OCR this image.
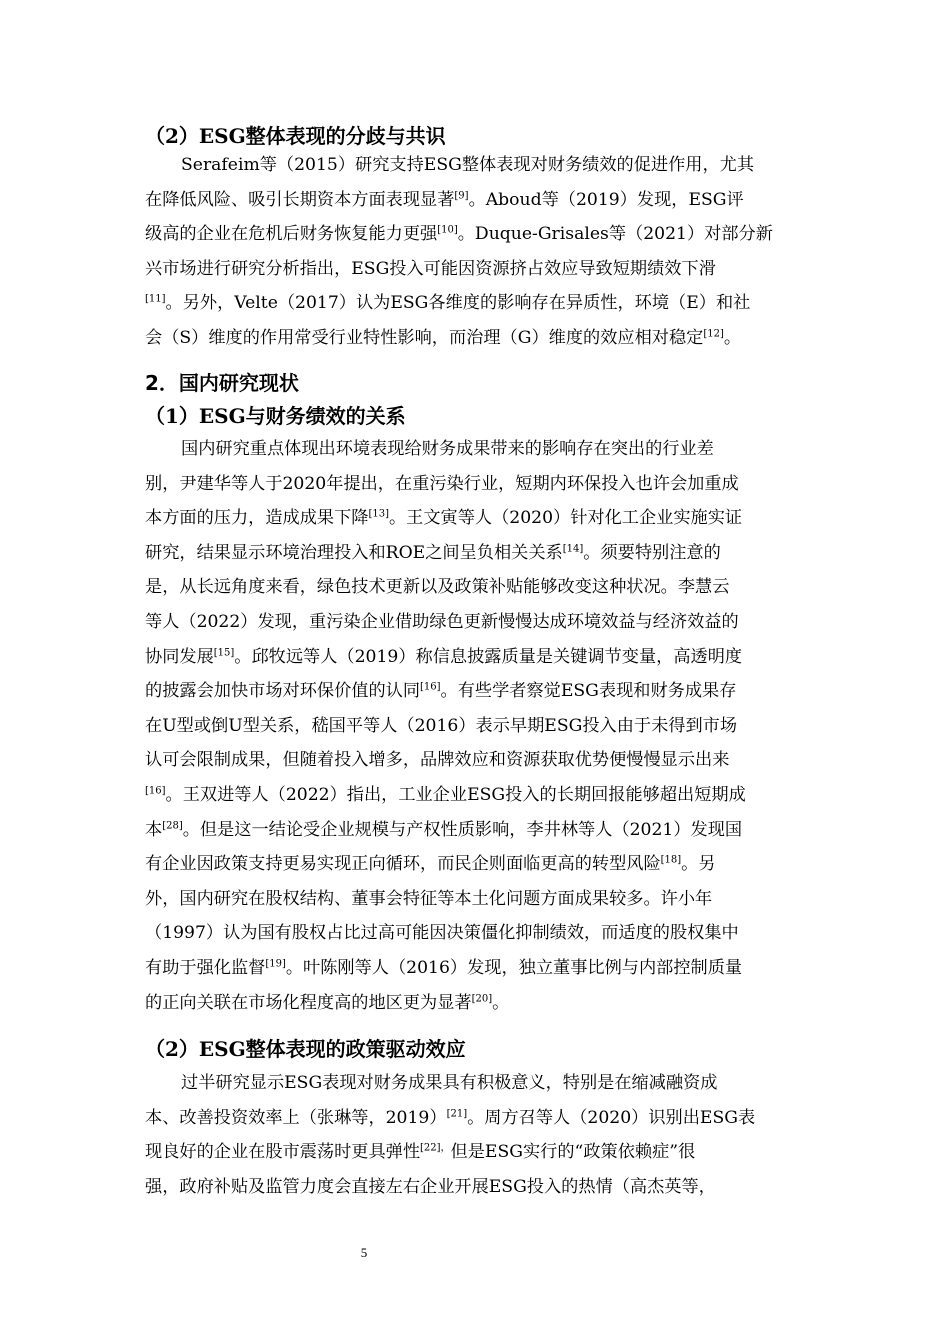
（2）ESG整体表现的分歧与共识
Serafeim等（2015）研究支持ESG整体表现对财务绩效的促进作用，尤其
在降低风险、吸引长期资本方面表现显著[9]。Aboud等（2019）发现，ESG评
级高的企业在危机后财务恢复能力更强[10]。Duque-Grisales等（2021）对部分新
兴市场进行研究分析指出，ESG投入可能因资源挤占效应导致短期绩效下滑
[11]。另外，Velte（2017）认为ESG各维度的影响存在异质性，环境（E）和社
会（S）维度的作用常受行业特性影响，而治理（G）维度的效应相对稳定[12]。
2．国内研究现状
（1）ESG与财务绩效的关系
国内研究重点体现出环境表现给财务成果带来的影响存在突出的行业差
别，尹建华等人于2020年提出，在重污染行业，短期内环保投入也许会加重成
本方面的压力，造成成果下降[13]。王文寅等人（2020）针对化工企业实施实证
研究，结果显示环境治理投入和ROE之间呈负相关关系[14]。须要特别注意的
是，从长远角度来看，绿色技术更新以及政策补贴能够改变这种状况。李慧云
等人（2022）发现，重污染企业借助绿色更新慢慢达成环境效益与经济效益的
协同发展[15]。邱牧远等人（2019）称信息披露质量是关键调节变量，高透明度
的披露会加快市场对环保价值的认同[16]。有些学者察觉ESG表现和财务成果存
在U型或倒U型关系，嵇国平等人（2016）表示早期ESG投入由于未得到市场
认可会限制成果，但随着投入增多，品牌效应和资源获取优势便慢慢显示出来
[16]。王双进等人（2022）指出，工业企业ESG投入的长期回报能够超出短期成
本[28]。但是这一结论受企业规模与产权性质影响，李井林等人（2021）发现国
有企业因政策支持更易实现正向循环，而民企则面临更高的转型风险[18]。另
外，国内研究在股权结构、董事会特征等本土化问题方面成果较多。许小年
（1997）认为国有股权占比过高可能因决策僵化抑制绩效，而适度的股权集中
有助于强化监督[19]。叶陈刚等人（2016）发现，独立董事比例与内部控制质量
的正向关联在市场化程度高的地区更为显著[20]。
（2）ESG整体表现的政策驱动效应
过半研究显示ESG表现对财务成果具有积极意义，特别是在缩减融资成
本、改善投资效率上（张琳等，2019）[21]。周方召等人（2020）识别出ESG表
现良好的企业在股市震荡时更具弹性$^{[22],}$但是ESG实行的“政策依赖症”很
强，政府补贴及监管力度会直接左右企业开展ESG投入的热情（高杰英等，
5
